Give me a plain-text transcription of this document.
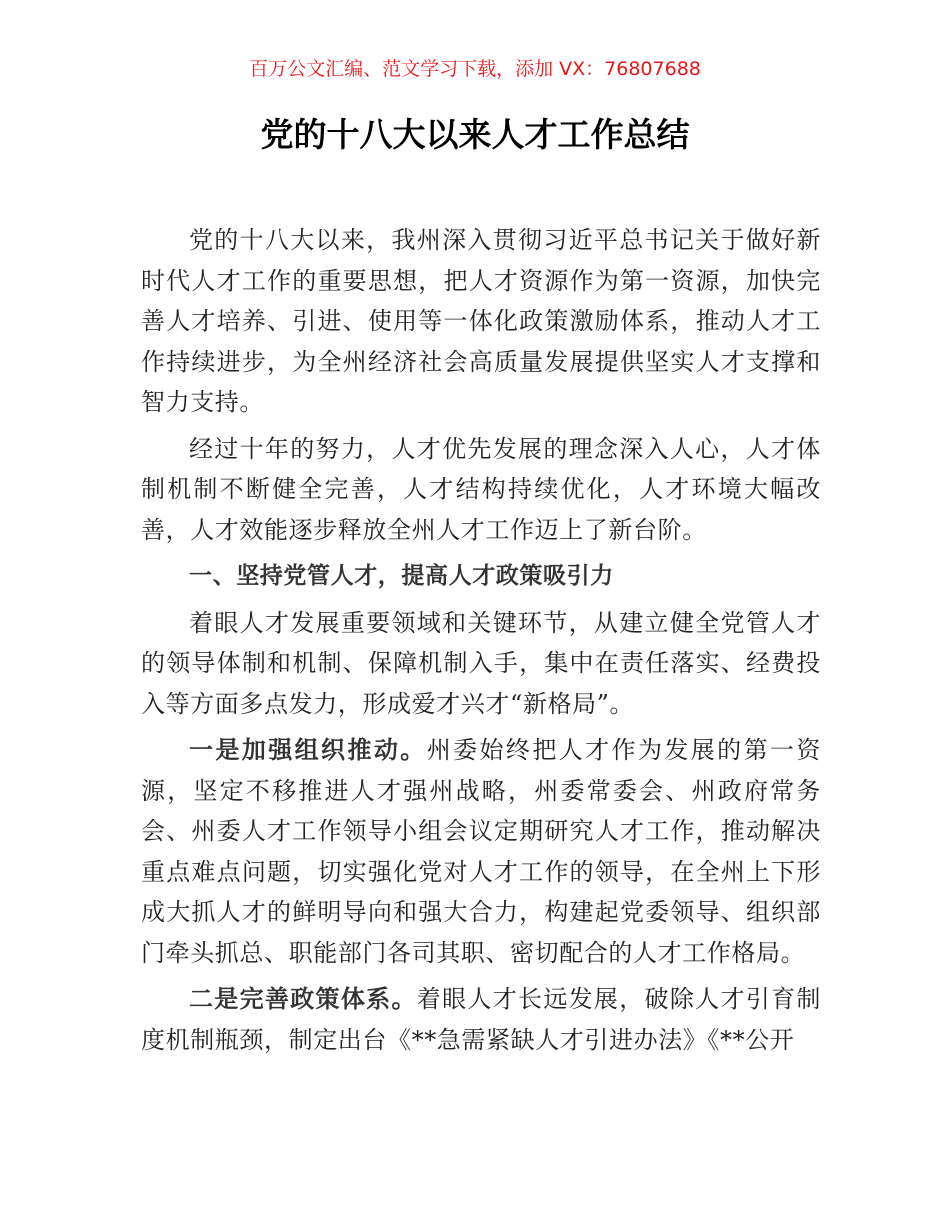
百万公文汇编、范文学习下载，添加 VX：76807688
党的十八大以来人才工作总结

党的十八大以来，我州深入贯彻习近平总书记关于做好新时代人才工作的重要思想，把人才资源作为第一资源，加快完善人才培养、引进、使用等一体化政策激励体系，推动人才工作持续进步，为全州经济社会高质量发展提供坚实人才支撑和智力支持。

经过十年的努力，人才优先发展的理念深入人心，人才体制机制不断健全完善，人才结构持续优化，人才环境大幅改善，人才效能逐步释放全州人才工作迈上了新台阶。

一、坚持党管人才，提高人才政策吸引力

着眼人才发展重要领域和关键环节，从建立健全党管人才的领导体制和机制、保障机制入手，集中在责任落实、经费投入等方面多点发力，形成爱才兴才“新格局”。

一是加强组织推动。州委始终把人才作为发展的第一资源，坚定不移推进人才强州战略，州委常委会、州政府常务会、州委人才工作领导小组会议定期研究人才工作，推动解决重点难点问题，切实强化党对人才工作的领导，在全州上下形成大抓人才的鲜明导向和强大合力，构建起党委领导、组织部门牵头抓总、职能部门各司其职、密切配合的人才工作格局。

二是完善政策体系。着眼人才长远发展，破除人才引育制度机制瓶颈，制定出台《**急需紧缺人才引进办法》《**公开
